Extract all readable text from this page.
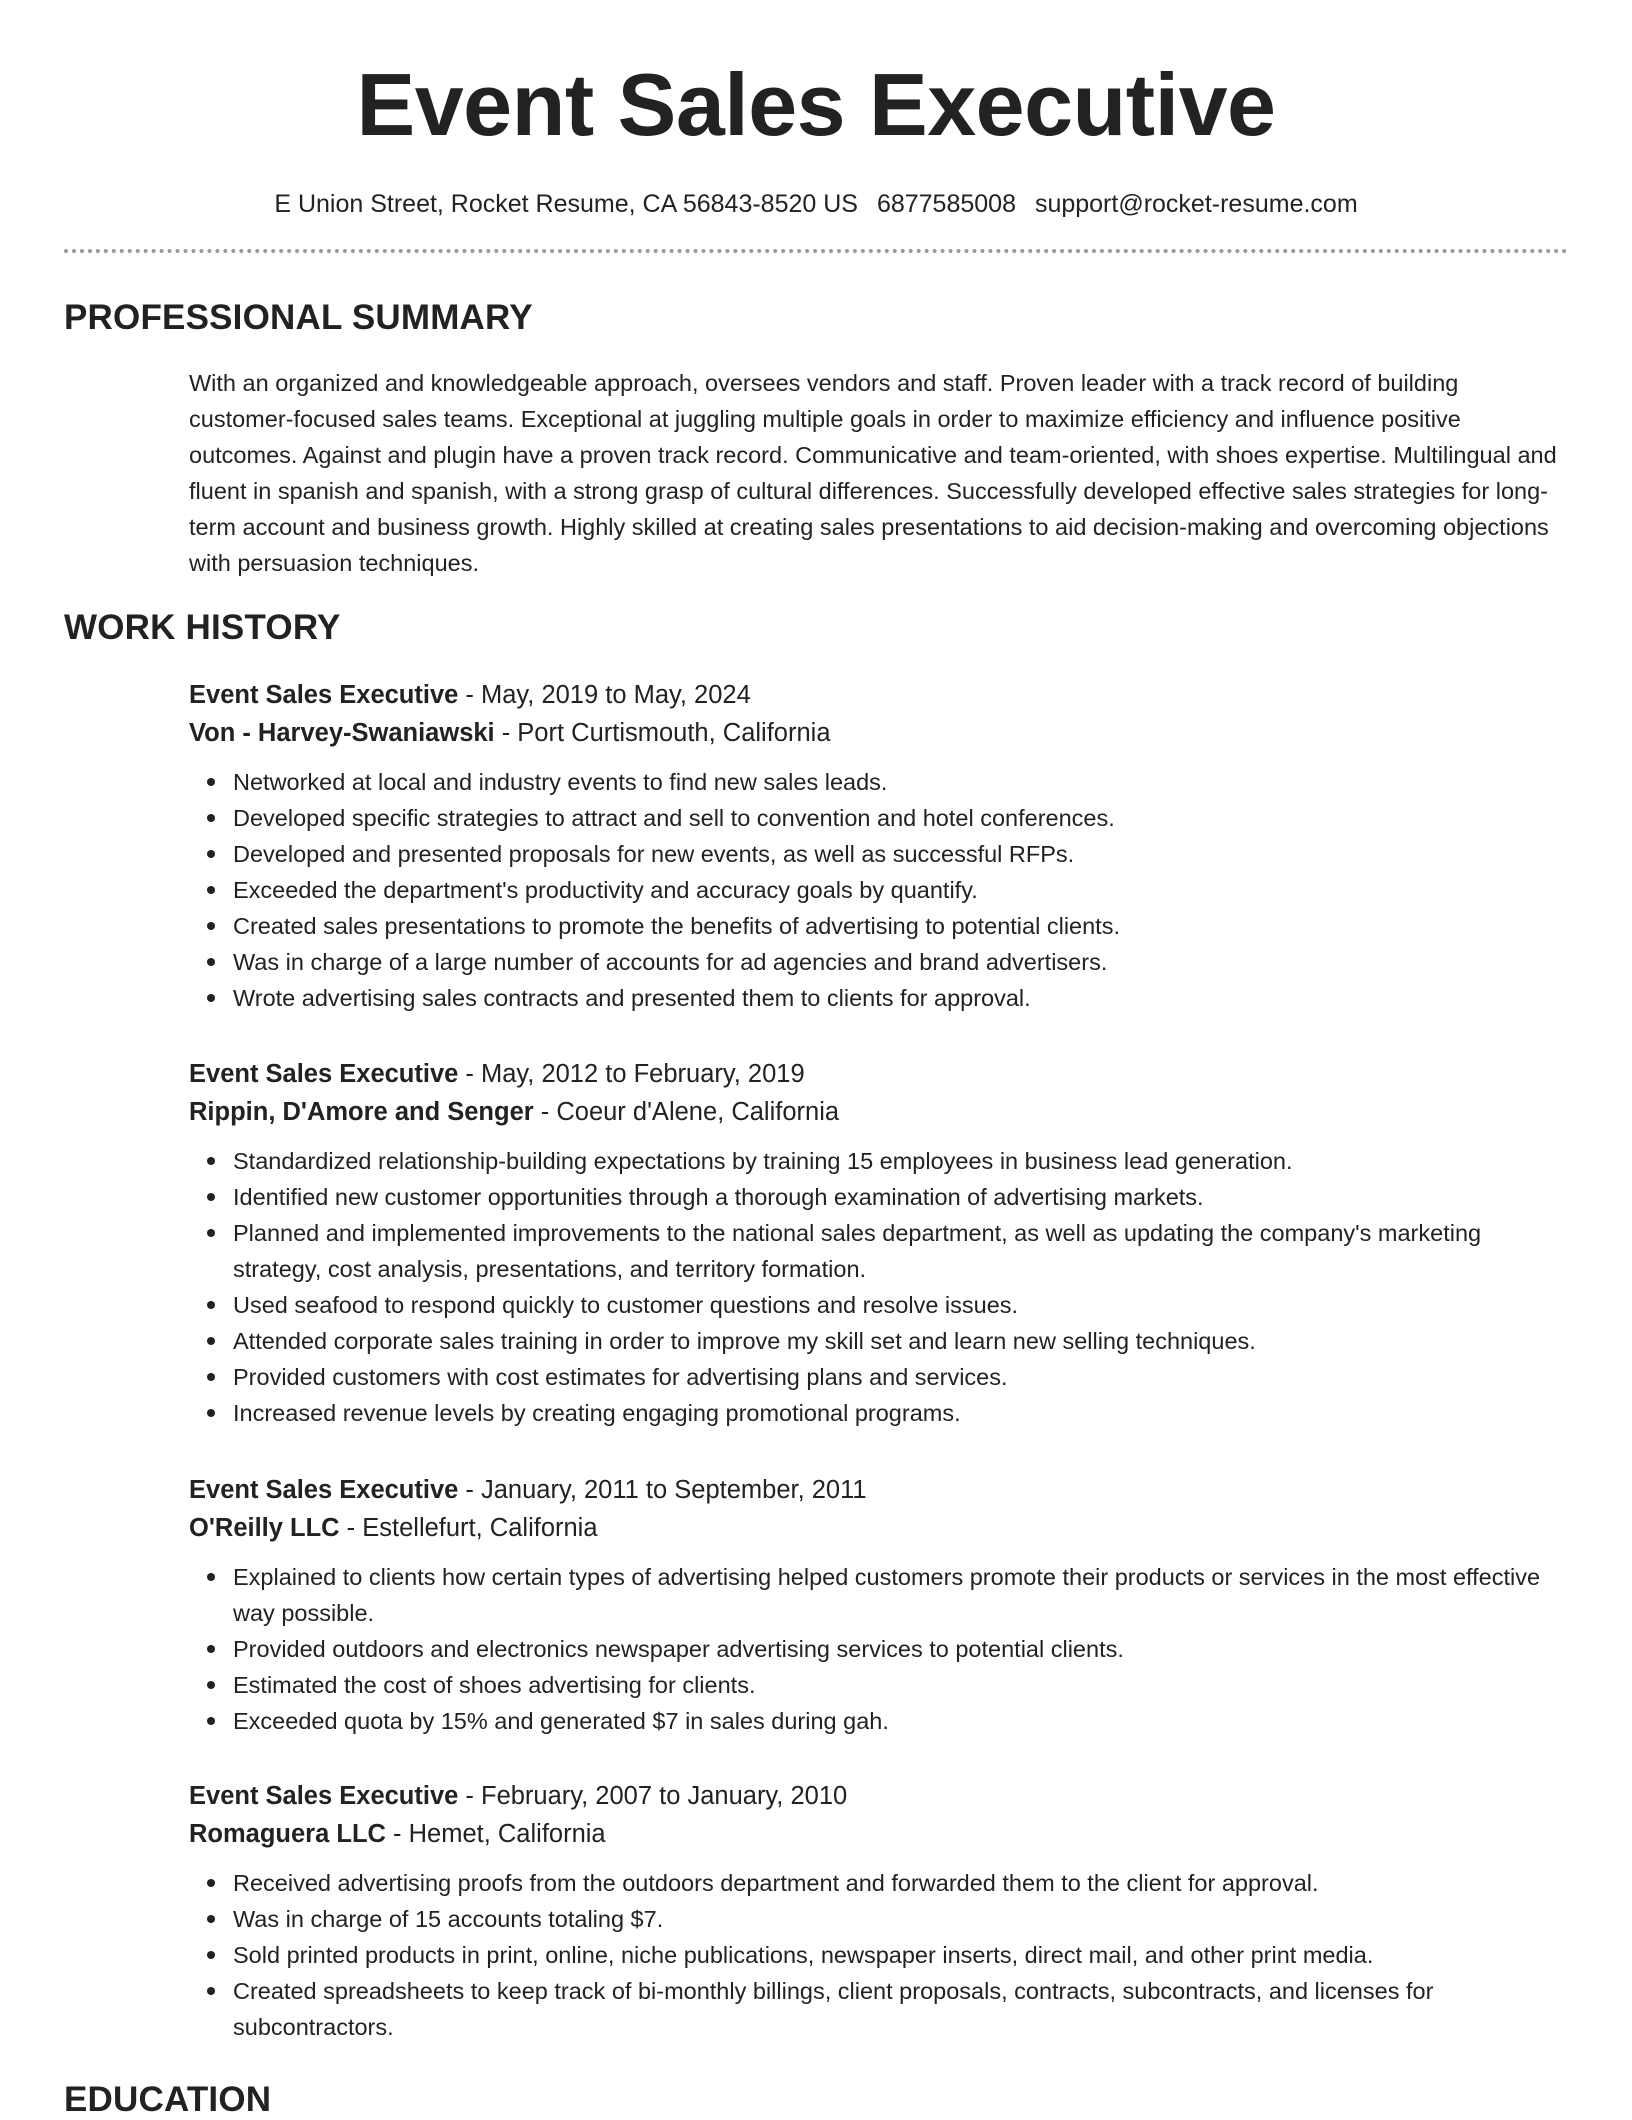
Event Sales Executive
E Union Street, Rocket Resume, CA 56843-8520 US 6877585008 support@rocket-resume.com
PROFESSIONAL SUMMARY

With an organized and knowledgeable approach, oversees vendors and staff. Proven leader with a track record of building customer-focused sales teams. Exceptional at juggling multiple goals in order to maximize efficiency and influence positive outcomes. Against and plugin have a proven track record. Communicative and team-oriented, with shoes expertise. Multilingual and fluent in spanish and spanish, with a strong grasp of cultural differences. Successfully developed effective sales strategies for long-term account and business growth. Highly skilled at creating sales presentations to aid decision-making and overcoming objections with persuasion techniques.

WORK HISTORY

Event Sales Executive - May, 2019 to May, 2024

Von - Harvey-Swaniawski - Port Curtismouth, California

Networked at local and industry events to find new sales leads.
Developed specific strategies to attract and sell to convention and hotel conferences.
Developed and presented proposals for new events, as well as successful RFPs.
Exceeded the department's productivity and accuracy goals by quantify.
Created sales presentations to promote the benefits of advertising to potential clients.
Was in charge of a large number of accounts for ad agencies and brand advertisers.
Wrote advertising sales contracts and presented them to clients for approval.

Event Sales Executive - May, 2012 to February, 2019

Rippin, D'Amore and Senger - Coeur d'Alene, California

Standardized relationship-building expectations by training 15 employees in business lead generation.
Identified new customer opportunities through a thorough examination of advertising markets.
Planned and implemented improvements to the national sales department, as well as updating the company's marketing strategy, cost analysis, presentations, and territory formation.
Used seafood to respond quickly to customer questions and resolve issues.
Attended corporate sales training in order to improve my skill set and learn new selling techniques.
Provided customers with cost estimates for advertising plans and services.
Increased revenue levels by creating engaging promotional programs.

Event Sales Executive - January, 2011 to September, 2011

O'Reilly LLC - Estellefurt, California

Explained to clients how certain types of advertising helped customers promote their products or services in the most effective way possible.
Provided outdoors and electronics newspaper advertising services to potential clients.
Estimated the cost of shoes advertising for clients.
Exceeded quota by 15% and generated $7 in sales during gah.

Event Sales Executive - February, 2007 to January, 2010

Romaguera LLC - Hemet, California

Received advertising proofs from the outdoors department and forwarded them to the client for approval.
Was in charge of 15 accounts totaling $7.
Sold printed products in print, online, niche publications, newspaper inserts, direct mail, and other print media.
Created spreadsheets to keep track of bi-monthly billings, client proposals, contracts, subcontracts, and licenses for subcontractors.
EDUCATION
